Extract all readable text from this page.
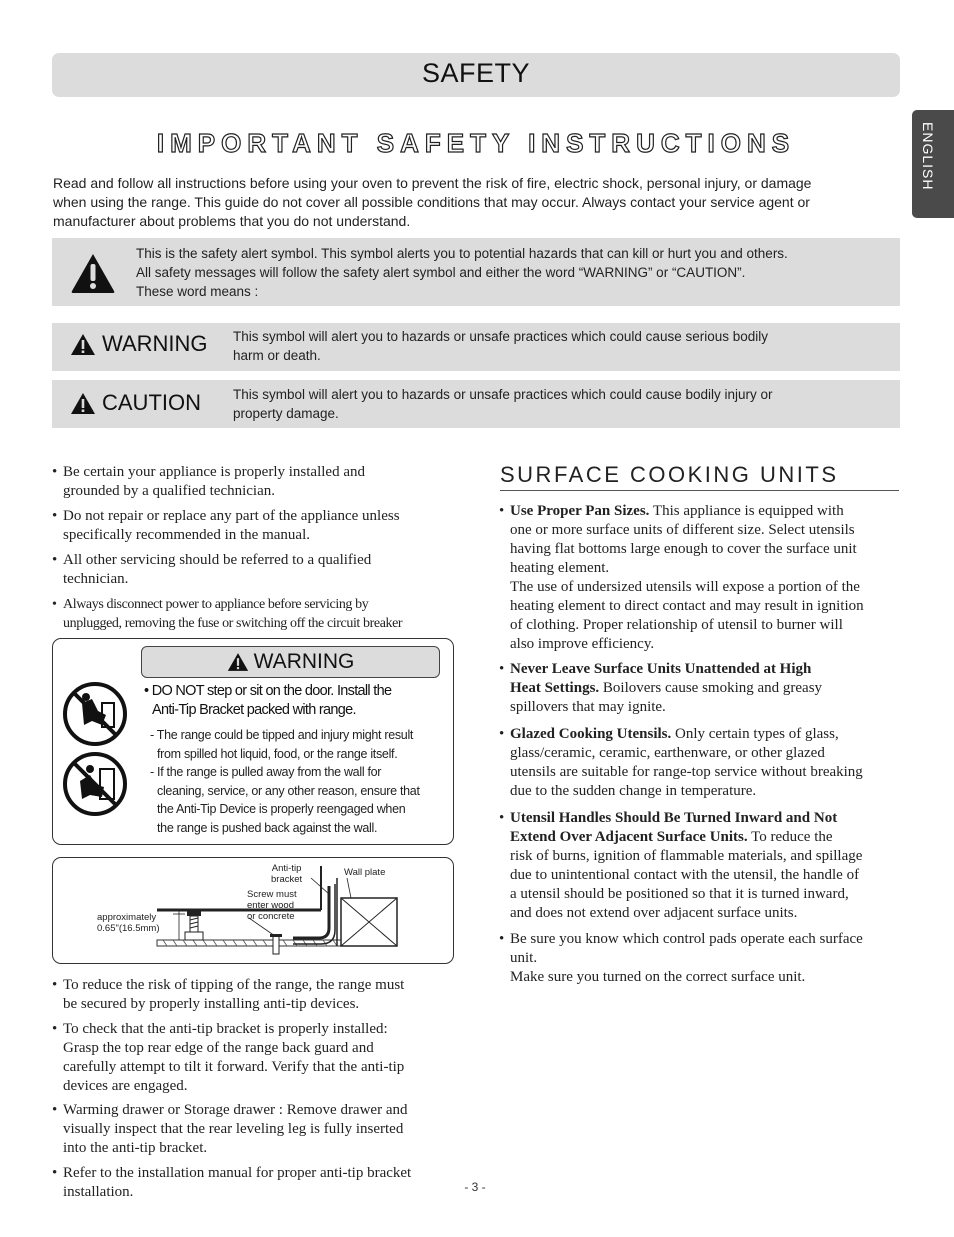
SAFETY
ENGLISH
IMPORTANT SAFETY INSTRUCTIONS
Read and follow all instructions before using your oven to prevent the risk of fire, electric shock, personal injury, or damage when using the range. This guide do not cover all possible conditions that may occur. Always contact your service agent or manufacturer about problems that you do not understand.
This is the safety alert symbol. This symbol alerts you to potential hazards that can kill or hurt you and others.
All safety messages will follow the safety alert symbol and either the word “WARNING” or “CAUTION”.
These word means :
WARNING This symbol will alert you to hazards or unsafe practices which could cause serious bodily
harm or death.
CAUTION This symbol will alert you to hazards or unsafe practices which could cause bodily injury or
property damage.
• Be certain your appliance is properly installed and
grounded by a qualified technician.
• Do not repair or replace any part of the appliance unless
specifically recommended in the manual.
• All other servicing should be referred to a qualified
technician.
• Always disconnect power to appliance before servicing by
unplugged, removing the fuse or switching off the circuit breaker
WARNING
• DO NOT step or sit on the door. Install the
Anti-Tip Bracket packed with range.
- The range could be tipped and injury might result
from spilled hot liquid, food, or the range itself.
- If the range is pulled away from the wall for
cleaning, service, or any other reason, ensure that
the Anti-Tip Device is properly reengaged when
the range is pushed back against the wall.
Anti-tip
bracket
Wall plate
Screw must
enter wood
or concrete
approximately
0.65"(16.5mm)
• To reduce the risk of tipping of the range, the range must
be secured by properly installing anti-tip devices.
• To check that the anti-tip bracket is properly installed:
Grasp the top rear edge of the range back guard and
carefully attempt to tilt it forward. Verify that the anti-tip
devices are engaged.
• Warming drawer or Storage drawer : Remove drawer and
visually inspect that the rear leveling leg is fully inserted
into the anti-tip bracket.
• Refer to the installation manual for proper anti-tip bracket
installation.
SURFACE COOKING UNITS
• Use Proper Pan Sizes. This appliance is equipped with
one or more surface units of different size. Select utensils
having flat bottoms large enough to cover the surface unit
heating element.
The use of undersized utensils will expose a portion of the
heating element to direct contact and may result in ignition
of clothing. Proper relationship of utensil to burner will
also improve efficiency.
• Never Leave Surface Units Unattended at High
Heat Settings. Boilovers cause smoking and greasy
spillovers that may ignite.
• Glazed Cooking Utensils. Only certain types of glass,
glass/ceramic, ceramic, earthenware, or other glazed
utensils are suitable for range-top service without breaking
due to the sudden change in temperature.
• Utensil Handles Should Be Turned Inward and Not
Extend Over Adjacent Surface Units. To reduce the
risk of burns, ignition of flammable materials, and spillage
due to unintentional contact with the utensil, the handle of
a utensil should be positioned so that it is turned inward,
and does not extend over adjacent surface units.
• Be sure you know which control pads operate each surface
unit.
Make sure you turned on the correct surface unit.
- 3 -
